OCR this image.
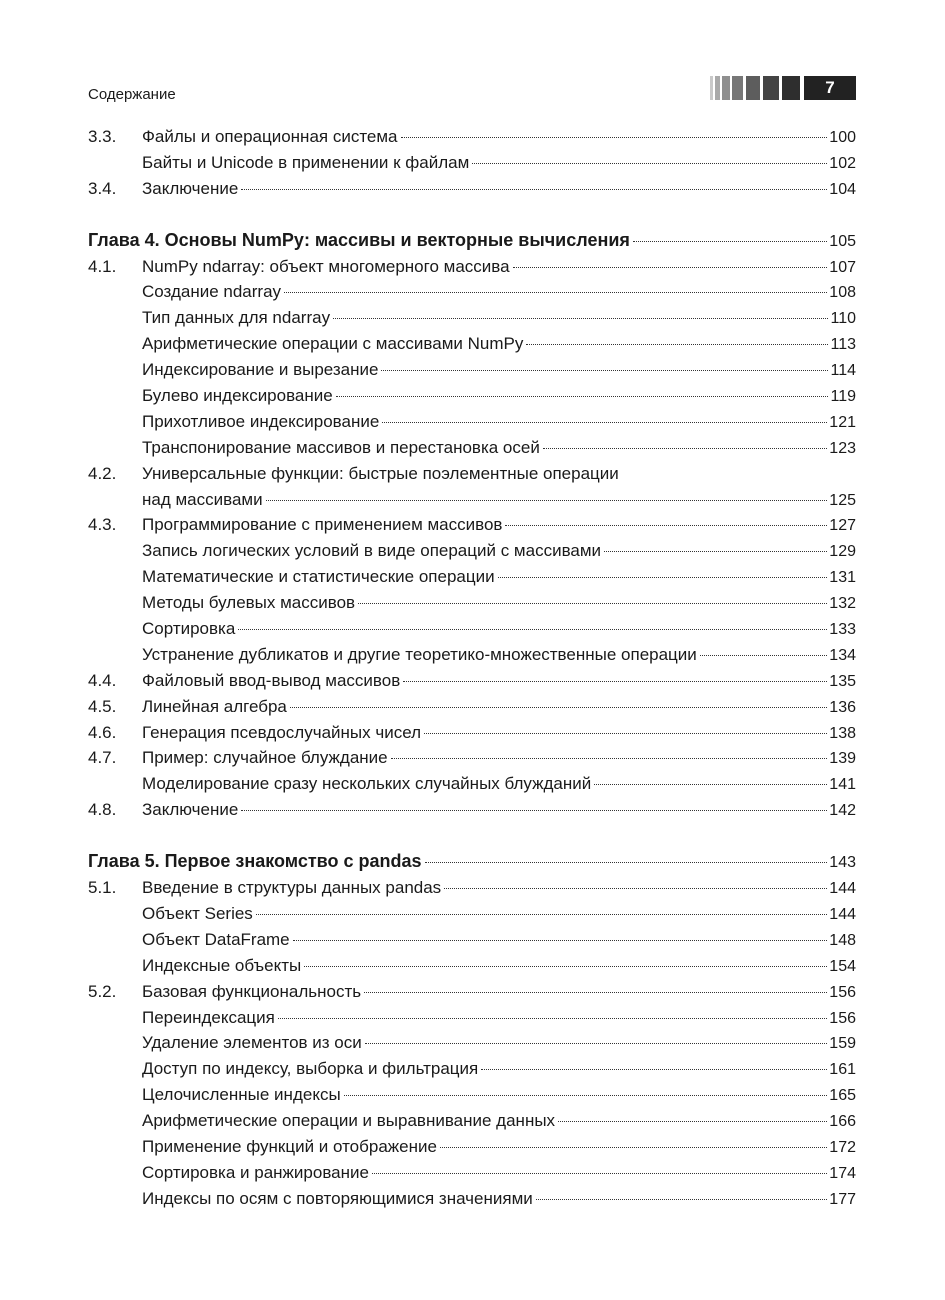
Содержание	7
3.3. Файлы и операционная система	100
Байты и Unicode в применении к файлам	102
3.4. Заключение	104
Глава 4. Основы NumPy: массивы и векторные вычисления	105
4.1. NumPy ndarray: объект многомерного массива	107
Создание ndarray	108
Тип данных для ndarray	110
Арифметические операции с массивами NumPy	113
Индексирование и вырезание	114
Булево индексирование	119
Прихотливое индексирование	121
Транспонирование массивов и перестановка осей	123
4.2. Универсальные функции: быстрые поэлементные операции
над массивами	125
4.3. Программирование с применением массивов	127
Запись логических условий в виде операций с массивами	129
Математические и статистические операции	131
Методы булевых массивов	132
Сортировка	133
Устранение дубликатов и другие теоретико-множественные операции	134
4.4. Файловый ввод-вывод массивов	135
4.5. Линейная алгебра	136
4.6. Генерация псевдослучайных чисел	138
4.7. Пример: случайное блуждание	139
Моделирование сразу нескольких случайных блужданий	141
4.8. Заключение	142
Глава 5. Первое знакомство с pandas	143
5.1. Введение в структуры данных pandas	144
Объект Series	144
Объект DataFrame	148
Индексные объекты	154
5.2. Базовая функциональность	156
Переиндексация	156
Удаление элементов из оси	159
Доступ по индексу, выборка и фильтрация	161
Целочисленные индексы	165
Арифметические операции и выравнивание данных	166
Применение функций и отображение	172
Сортировка и ранжирование	174
Индексы по осям с повторяющимися значениями	177
